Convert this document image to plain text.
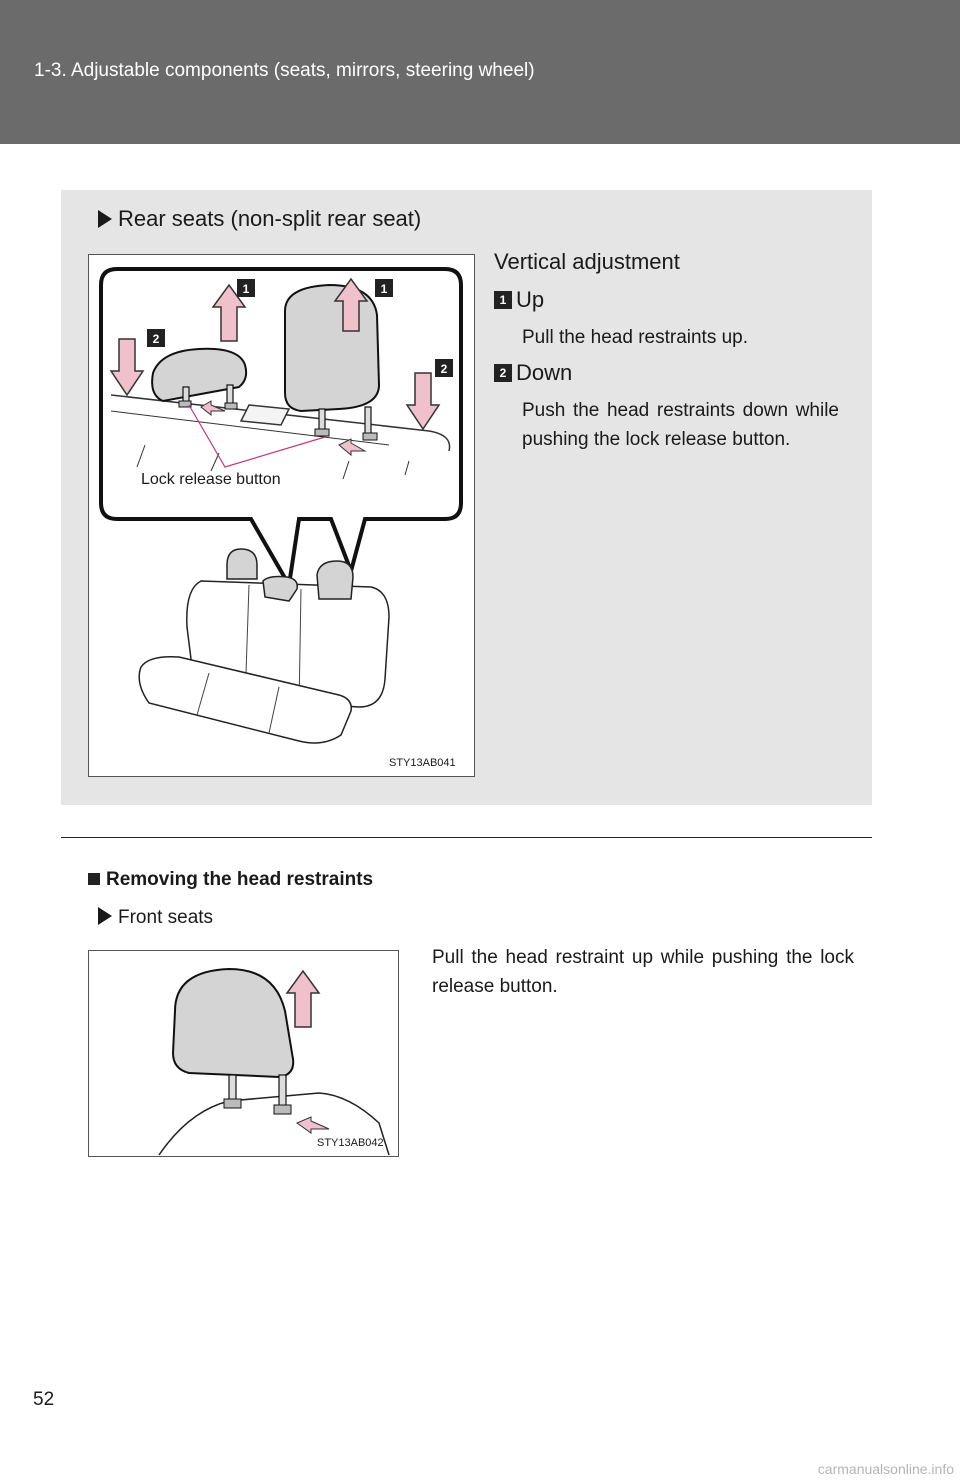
1-3. Adjustable components (seats, mirrors, steering wheel)
Rear seats (non-split rear seat)
1	1
2
2
STY13AB041
Lock release button
Vertical adjustment
1 Up
Pull the head restraints up.
2 Down
Push the head restraints down while pushing the lock release button.
Removing the head restraints
Front seats
Pull the head restraint up while pushing the lock release button.
STY13AB042
52
carmanualsonline.info
